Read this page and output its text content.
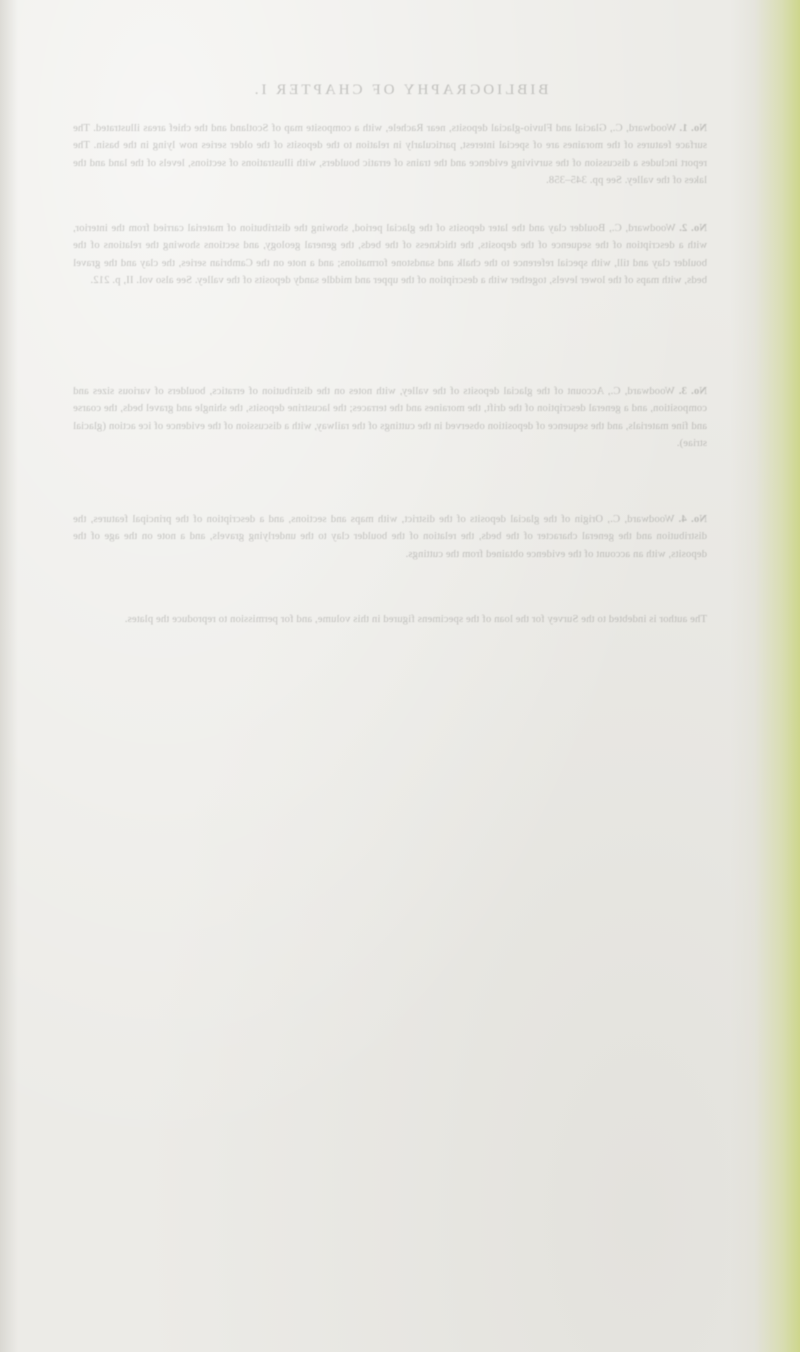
BIBLIOGRAPHY OF CHAPTER I.
No. 1. Woodward, C., Glacial and Fluvio-glacial deposits, near Rachele, with a composite map of Scotland and the chief areas illustrated. The surface features of the moraines are of special interest, particularly in relation to the deposits of the older series now lying in the basin. The report includes a discussion of the surviving evidence and the trains of erratic boulders, with illustrations of sections, levels of the land and the lakes of the valley. See pp. 345–358.
No. 2. Woodward, C., Boulder clay and the later deposits of the glacial period, showing the distribution of material carried from the interior, with a description of the sequence of the deposits, the thickness of the beds, the general geology, and sections showing the relations of the boulder clay and till, with special reference to the chalk and sandstone formations; and a note on the Cambrian series, the clay and the gravel beds, with maps of the lower levels, together with a description of the upper and middle sandy deposits of the valley. See also vol. II, p. 212.
No. 3. Woodward, C., Account of the glacial deposits of the valley, with notes on the distribution of erratics, boulders of various sizes and composition, and a general description of the drift, the moraines and the terraces; the lacustrine deposits, the shingle and gravel beds, the coarse and fine materials, and the sequence of deposition observed in the cuttings of the railway, with a discussion of the evidence of ice action (glacial striae).
No. 4. Woodward, C., Origin of the glacial deposits of the district, with maps and sections, and a description of the principal features, the distribution and the general character of the beds, the relation of the boulder clay to the underlying gravels, and a note on the age of the deposits, with an account of the evidence obtained from the cuttings.
The author is indebted to the Survey for the loan of the specimens figured in this volume, and for permission to reproduce the plates.
